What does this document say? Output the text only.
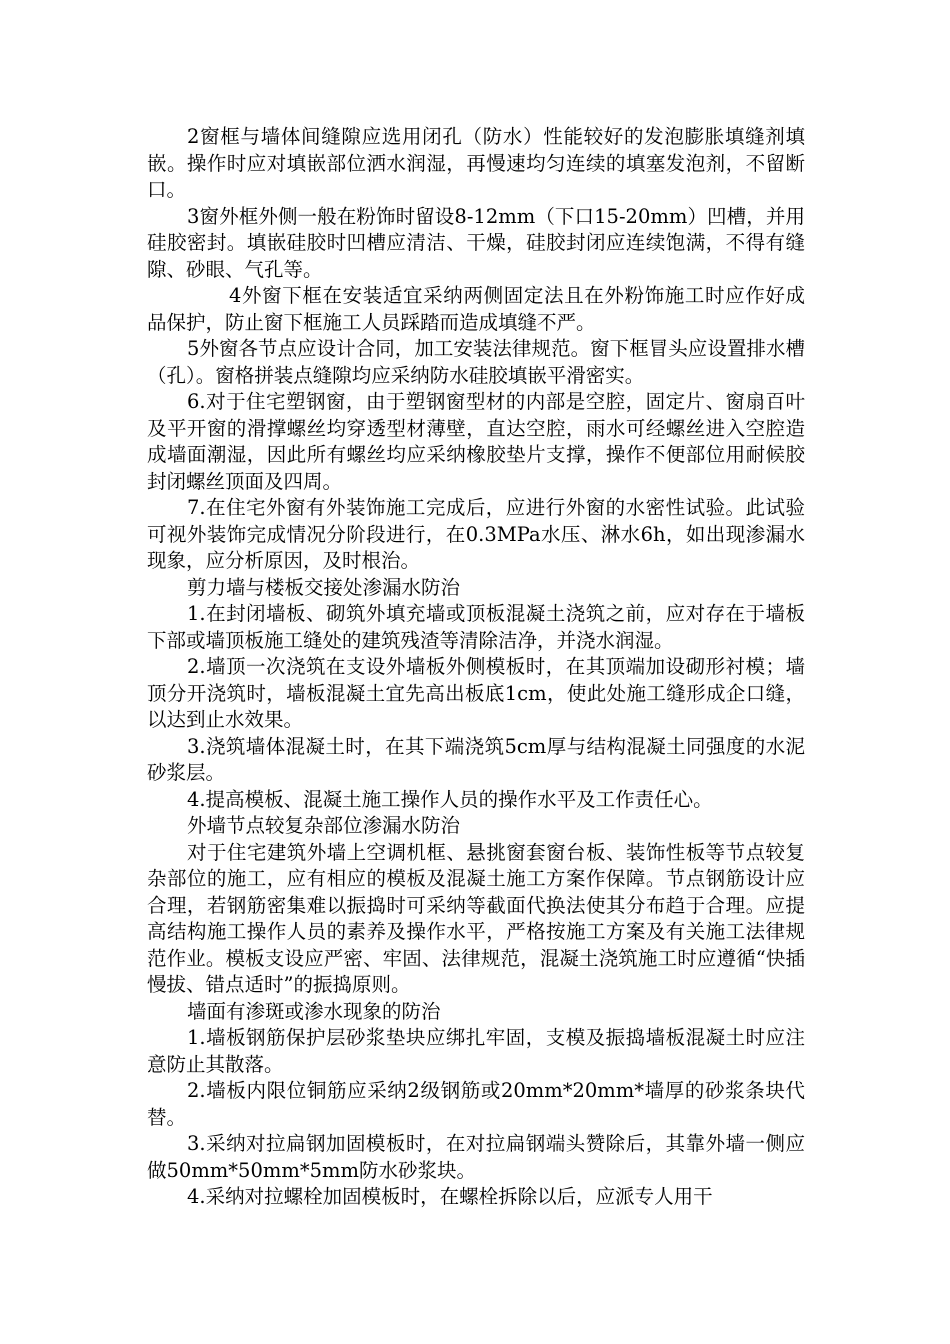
2窗框与墙体间缝隙应选用闭孔（防水）性能较好的发泡膨胀填缝剂填嵌。操作时应对填嵌部位洒水润湿，再慢速均匀连续的填塞发泡剂，不留断口。

3窗外框外侧一般在粉饰时留设8-12mm（下口15-20mm）凹槽，并用硅胶密封。填嵌硅胶时凹槽应清洁、干燥，硅胶封闭应连续饱满，不得有缝隙、砂眼、气孔等。

4外窗下框在安装适宜采纳两侧固定法且在外粉饰施工时应作好成品保护，防止窗下框施工人员踩踏而造成填缝不严。

5外窗各节点应设计合同，加工安装法律规范。窗下框冒头应设置排水槽（孔）。窗格拼装点缝隙均应采纳防水硅胶填嵌平滑密实。

6.对于住宅塑钢窗，由于塑钢窗型材的内部是空腔，固定片、窗扇百叶及平开窗的滑撑螺丝均穿透型材薄壁，直达空腔，雨水可经螺丝进入空腔造成墙面潮湿，因此所有螺丝均应采纳橡胶垫片支撑，操作不便部位用耐候胶封闭螺丝顶面及四周。

7.在住宅外窗有外装饰施工完成后，应进行外窗的水密性试验。此试验可视外装饰完成情况分阶段进行，在0.3MPa水压、淋水6h，如出现渗漏水现象，应分析原因，及时根治。

剪力墙与楼板交接处渗漏水防治

1.在封闭墙板、砌筑外填充墙或顶板混凝土浇筑之前，应对存在于墙板下部或墙顶板施工缝处的建筑残渣等清除洁净，并浇水润湿。

2.墙顶一次浇筑在支设外墙板外侧模板时，在其顶端加设砌形衬模；墙顶分开浇筑时，墙板混凝土宜先高出板底1cm，使此处施工缝形成企口缝，以达到止水效果。

3.浇筑墙体混凝土时，在其下端浇筑5cm厚与结构混凝土同强度的水泥砂浆层。

4.提高模板、混凝土施工操作人员的操作水平及工作责任心。

外墙节点较复杂部位渗漏水防治

对于住宅建筑外墙上空调机框、悬挑窗套窗台板、装饰性板等节点较复杂部位的施工，应有相应的模板及混凝土施工方案作保障。节点钢筋设计应合理，若钢筋密集难以振捣时可采纳等截面代换法使其分布趋于合理。应提高结构施工操作人员的素养及操作水平，严格按施工方案及有关施工法律规范作业。模板支设应严密、牢固、法律规范，混凝土浇筑施工时应遵循“快插慢拔、错点适时”的振捣原则。

墙面有渗斑或渗水现象的防治

1.墙板钢筋保护层砂浆垫块应绑扎牢固，支模及振捣墙板混凝土时应注意防止其散落。

2.墙板内限位铜筋应采纳2级钢筋或20mm*20mm*墙厚的砂浆条块代替。

3.采纳对拉扁钢加固模板时，在对拉扁钢端头赞除后，其靠外墙一侧应做50mm*50mm*5mm防水砂浆块。

4.采纳对拉螺栓加固模板时，在螺栓拆除以后，应派专人用干
